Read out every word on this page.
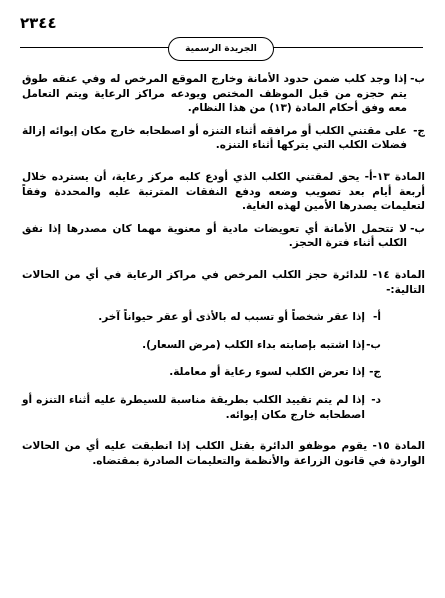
٢٣٤٤
الجريدة الرسمية
ب-
إذا وجد كلب ضمن حدود الأمانة وخارج الموقع المرخص له وفي عنقه طوق يتم حجزه من قبل الموظف المختص ويودعه مراكز الرعاية ويتم التعامل معه وفق أحكام المادة (١٣) من هذا النظام.
ج-
على مقتني الكلب أو مرافقه أثناء التنزه أو اصطحابه خارج مكان إيوائه إزالة فضلات الكلب التي يتركها أثناء التنزه.
المادة ١٣-أ- يحق لمقتني الكلب الذي أودع كلبه مركز رعاية، أن يسترده خلال أربعة أيام بعد تصويب وضعه ودفع النفقات المترتبة عليه والمحددة وفقاً لتعليمات يصدرها الأمين لهذه الغاية.
ب-
لا تتحمل الأمانة أي تعويضات مادية أو معنوية مهما كان مصدرها إذا نفق الكلب أثناء فترة الحجز.
المادة ١٤- للدائرة حجز الكلب المرخص في مراكز الرعاية في أي من الحالات التالية:-
أ-
إذا عقر شخصاً أو تسبب له بالأذى أو عقر حيواناً آخر.
ب-
إذا اشتبه بإصابته بداء الكلب (مرض السعار).
ج-
إذا تعرض الكلب لسوء رعاية أو معاملة.
د-
إذا لم يتم تقييد الكلب بطريقة مناسبة للسيطرة عليه أثناء التنزه أو اصطحابه خارج مكان إيوائه.
المادة ١٥- يقوم موظفو الدائرة بقتل الكلب إذا انطبقت عليه أي من الحالات الواردة في قانون الزراعة والأنظمة والتعليمات الصادرة بمقتضاه.
